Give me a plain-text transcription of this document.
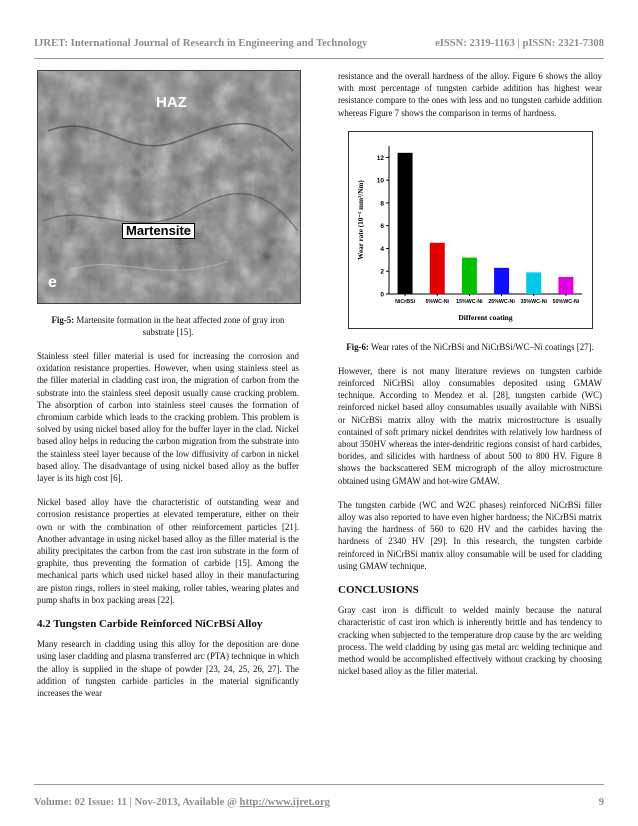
IJRET: International Journal of Research in Engineering and Technology	eISSN: 2319-1163 | pISSN: 2321-7308
HAZ
Martensite
e
Fig-5: Martensite formation in the heat affected zone of gray iron substrate [15].

Stainless steel filler material is used for increasing the corrosion and oxidation resistance properties. However, when using stainless steel as the filler material in cladding cast iron, the migration of carbon from the substrate into the stainless steel deposit usually cause cracking problem. The absorption of carbon into stainless steel causes the formation of chromium carbide which leads to the cracking problem. This problem is solved by using nickel based alloy for the buffer layer in the clad. Nickel based alloy helps in reducing the carbon migration from the substrate into the stainless steel layer because of the low diffusivity of carbon in nickel based alloy. The disadvantage of using nickel based alloy as the buffer layer is its high cost [6].

Nickel based alloy have the characteristic of outstanding wear and corrosion resistance properties at elevated temperature, either on their own or with the combination of other reinforcement particles [21]. Another advantage in using nickel based alloy as the filler material is the ability precipitates the carbon from the cast iron substrate in the form of graphite, thus preventing the formation of carbide [15]. Among the mechanical parts which used nickel based alloy in their manufacturing are piston rings, rollers in steel making, roller tables, wearing plates and pump shafts in box packing areas [22].

4.2 Tungsten Carbide Reinforced NiCrBSi Alloy

Many research in cladding using this alloy for the deposition are done using laser cladding and plasma transferred arc (PTA) technique in which the alloy is supplied in the shape of powder [23, 24, 25, 26, 27]. The addition of tungsten carbide particles in the material significantly increases the wear

resistance and the overall hardness of the alloy. Figure 6 shows the alloy with most percentage of tungsten carbide addition has highest wear resistance compare to the ones with less and no tungsten carbide addition whereas Figure 7 shows the comparison in terms of hardness.

0
2
4
6
8
10
12
NiCrBSi 5%WC-Ni 15%WC-Ni 25%WC-Ni 35%WC-Ni 50%WC-Ni
Different coating
Wear rate (10⁻⁵ mm³/Nm)
Fig-6: Wear rates of the NiCrBSi and NiCrBSi/WC–Ni coatings [27].

However, there is not many literature reviews on tungsten carbide reinforced NiCrBSi alloy consumables deposited using GMAW technique. According to Mendez et al. [28], tungsten carbide (WC) reinforced nickel based alloy consumables usually available with NiBSi or NiCrBSi matrix alloy with the matrix microstructure is usually contained of soft primary nickel dendrites with relatively low hardness of about 350HV whereas the inter-dendritic regions consist of hard carbides, borides, and silicides with hardness of about 500 to 800 HV. Figure 8 shows the backscattered SEM micrograph of the alloy microstructure obtained using GMAW and hot-wire GMAW.

The tungsten carbide (WC and W2C phases) reinforced NiCrBSi filler alloy was also reported to have even higher hardness; the NiCrBSi matrix having the hardness of 560 to 620 HV and the carbides having the hardness of 2340 HV [29]. In this research, the tungsten carbide reinforced in NiCrBSi matrix alloy consumable will be used for cladding using GMAW technique.

CONCLUSIONS

Gray cast iron is difficult to welded mainly because the natural characteristic of cast iron which is inherently brittle and has tendency to cracking when subjected to the temperature drop cause by the arc welding process. The weld cladding by using gas metal arc welding technique and method would be accomplished effectively without cracking by choosing nickel based alloy as the filler material.

Volume: 02 Issue: 11 | Nov-2013, Available @ http://www.ijret.org	9
